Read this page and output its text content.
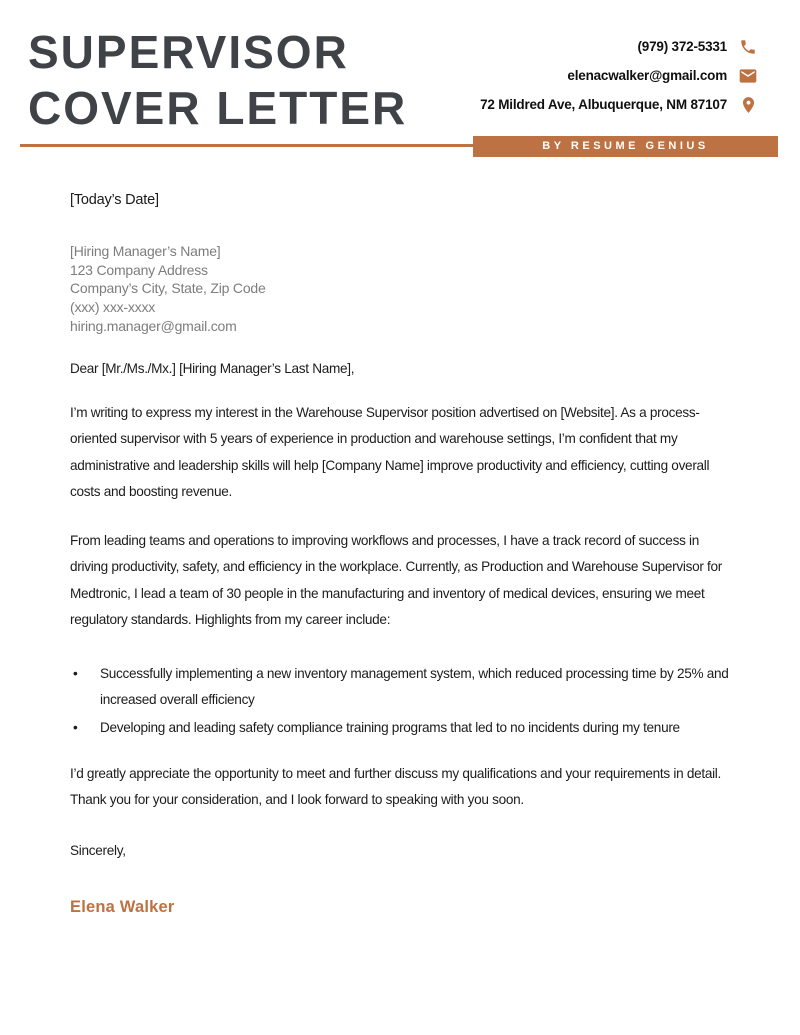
SUPERVISOR
COVER LETTER
(979) 372-5331
elenacwalker@gmail.com
72 Mildred Ave, Albuquerque, NM 87107
BY RESUME GENIUS
[Today’s Date]
[Hiring Manager’s Name]
123 Company Address
Company’s City, State, Zip Code
(xxx) xxx-xxxx
hiring.manager@gmail.com
Dear [Mr./Ms./Mx.] [Hiring Manager’s Last Name],
I’m writing to express my interest in the Warehouse Supervisor position advertised on [Website]. As a process-oriented supervisor with 5 years of experience in production and warehouse settings, I’m confident that my administrative and leadership skills will help [Company Name] improve productivity and efficiency, cutting overall costs and boosting revenue.
From leading teams and operations to improving workflows and processes, I have a track record of success in driving productivity, safety, and efficiency in the workplace. Currently, as Production and Warehouse Supervisor for Medtronic, I lead a team of 30 people in the manufacturing and inventory of medical devices, ensuring we meet regulatory standards. Highlights from my career include:
• Successfully implementing a new inventory management system, which reduced processing time by 25% and increased overall efficiency
• Developing and leading safety compliance training programs that led to no incidents during my tenure
I’d greatly appreciate the opportunity to meet and further discuss my qualifications and your requirements in detail. Thank you for your consideration, and I look forward to speaking with you soon.
Sincerely,
Elena Walker
